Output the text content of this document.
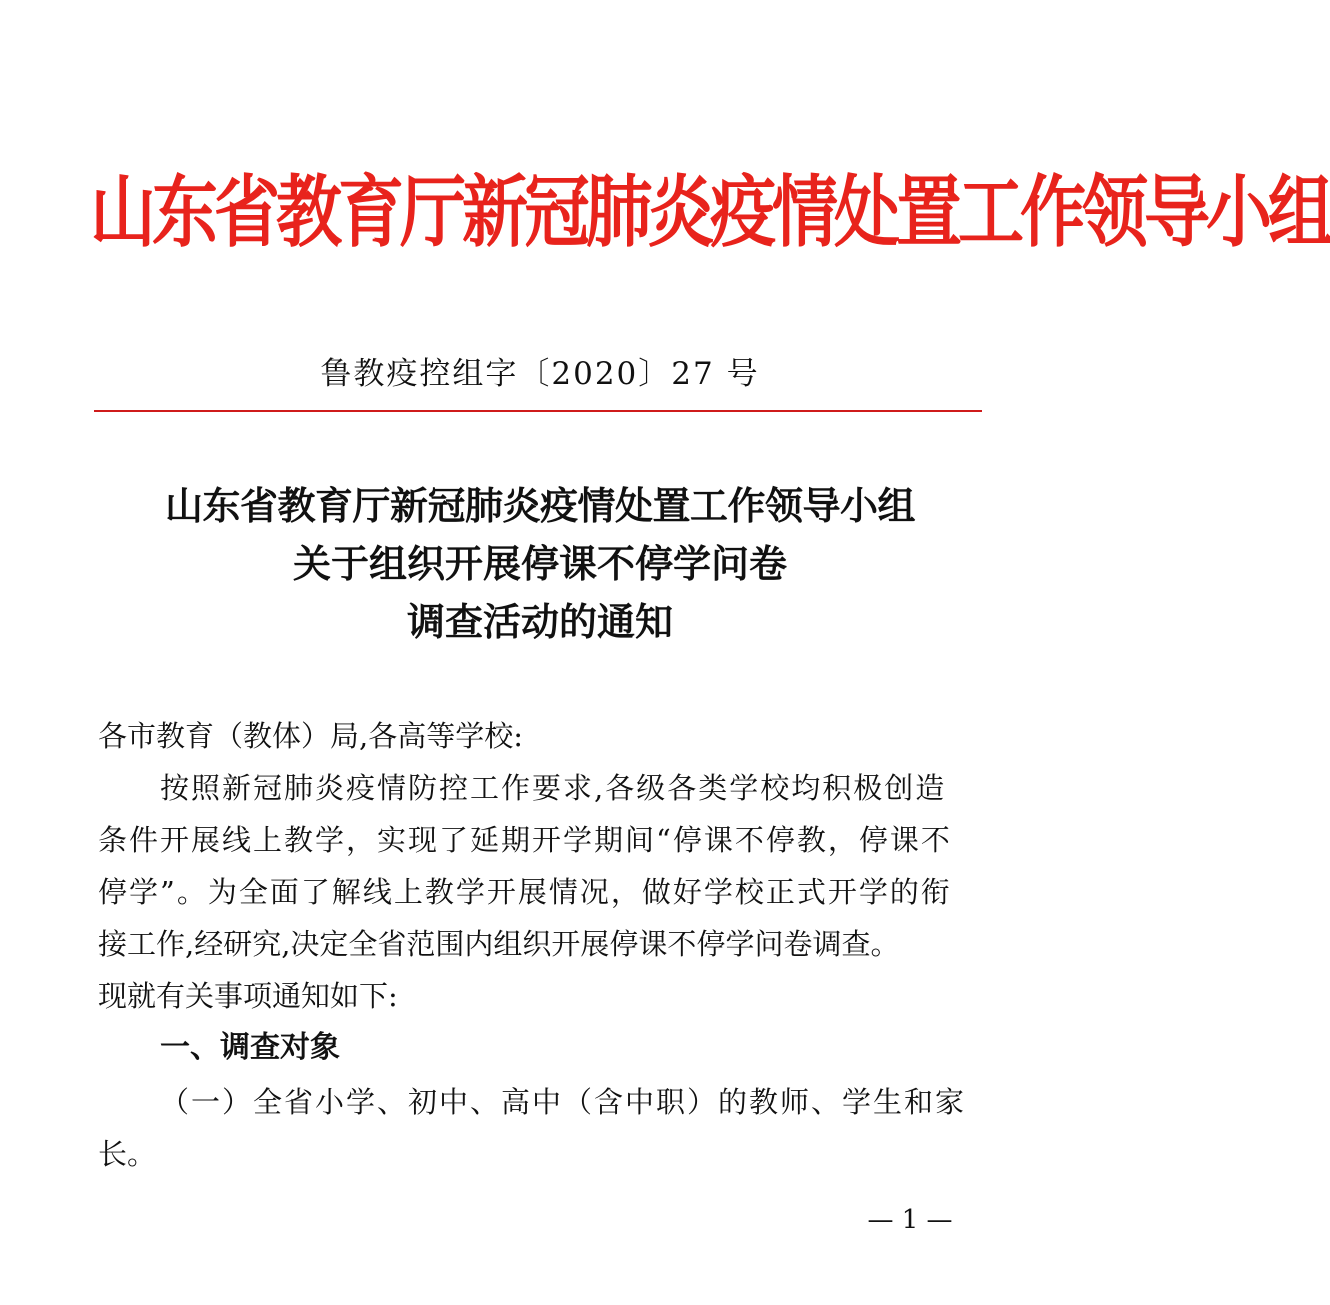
山东省教育厅新冠肺炎疫情处置工作领导小组
鲁教疫控组字〔2020〕27 号
山东省教育厅新冠肺炎疫情处置工作领导小组
关于组织开展停课不停学问卷
调查活动的通知
各市教育（教体）局,各高等学校:
按照新冠肺炎疫情防控工作要求,各级各类学校均积极创造
条件开展线上教学，实现了延期开学期间“停课不停教，停课不
停学”。为全面了解线上教学开展情况，做好学校正式开学的衔
接工作,经研究,决定全省范围内组织开展停课不停学问卷调查。
现就有关事项通知如下:
一、调查对象
（一）全省小学、初中、高中（含中职）的教师、学生和家
长。
— 1 —
